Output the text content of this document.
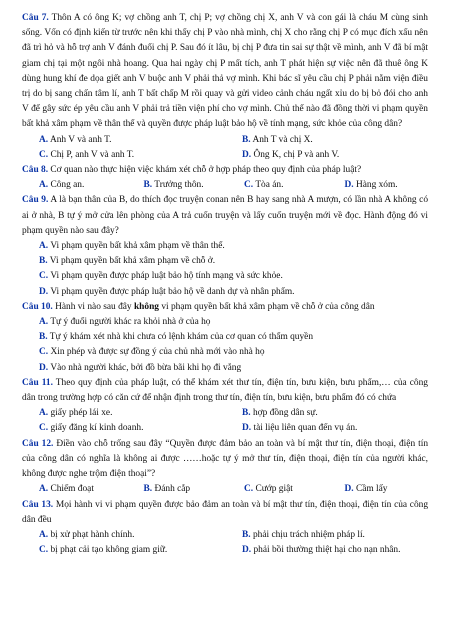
Câu 7. Thôn A có ông K; vợ chồng anh T, chị P; vợ chồng chị X, anh V và con gái là cháu M cùng sinh sống. Vốn có định kiến từ trước nên khi thấy chị P vào nhà mình, chị X cho rằng chị P có mục đích xấu nên đã trì hỏ và hỗ trợ anh V đánh đuổi chị P. Sau đó ít lâu, bị chị P đưa tin sai sự thật về mình, anh V đã bí mật giam chị tại một ngôi nhà hoang. Qua hai ngày chị P mất tích, anh T phát hiện sự việc nên đã thuê ông K dùng hung khí đe dọa giết anh V buộc anh V phải thả vợ mình. Khi bác sĩ yêu cầu chị P phải nằm viện điều trị do bị sang chấn tâm lí, anh T bất chấp M rồi quay và gửi video cảnh cháu ngất xỉu do bị bỏ đói cho anh V để gây sức ép yêu cầu anh V phải trả tiền viện phí cho vợ mình. Chủ thể nào đã đồng thời vi phạm quyền bất khả xâm phạm về thân thể và quyền được pháp luật bảo hộ về tính mạng, sức khỏe của công dân?
A. Anh V và anh T.	B. Anh T và chị X.
C. Chị P, anh V và anh T.	D. Ông K, chị P và anh V.
Câu 8. Cơ quan nào thực hiện việc khám xét chỗ ở hợp pháp theo quy định của pháp luật?
A. Công an.	B. Trưởng thôn.	C. Tòa án.	D. Hàng xóm.
Câu 9. A là bạn thân của B, do thích đọc truyện conan nên B hay sang nhà A mượn, có lần nhà A không có ai ở nhà, B tự ý mở cửa lên phòng của A trả cuốn truyện và lấy cuốn truyện mới về đọc. Hành động đó vi phạm quyền nào sau đây?
A. Vi phạm quyền bất khả xâm phạm về thân thể.
B. Vi phạm quyền bất khả xâm phạm về chỗ ở.
C. Vi phạm quyền được pháp luật bảo hộ tính mạng và sức khỏe.
D. Vi phạm quyền được pháp luật bảo hộ về danh dự và nhân phẩm.
Câu 10. Hành vi nào sau đây không vi phạm quyền bất khả xâm phạm về chỗ ở của công dân
A. Tự ý đuổi người khác ra khỏi nhà ở của họ
B. Tự ý khám xét nhà khi chưa có lệnh khám của cơ quan có thẩm quyền
C. Xin phép và được sự đồng ý của chủ nhà mới vào nhà họ
D. Vào nhà người khác, bởi đồ bừa bãi khi họ đi vắng
Câu 11. Theo quy định của pháp luật, có thể khám xét thư tín, điện tín, bưu kiện, bưu phẩm,… của công dân trong trường hợp có căn cứ để nhận định trong thư tín, điện tín, bưu kiện, bưu phẩm đó có chứa
A. giấy phép lái xe.	B. hợp đồng dân sự.
C. giấy đăng kí kinh doanh.	D. tài liệu liên quan đến vụ án.
Câu 12. Điền vào chỗ trống sau đây “Quyền được đảm bảo an toàn và bí mật thư tín, điện thoại, điện tín của công dân có nghĩa là không ai được ……hoặc tự ý mở thư tín, điện thoại, điện tín của người khác, không được nghe trộm điện thoại”?
A. Chiếm đoạt	B. Đánh cắp	C. Cướp giật	D. Cầm lấy
Câu 13. Mọi hành vi vi phạm quyền được bảo đảm an toàn và bí mật thư tín, điện thoại, điện tín của công dân đều
A. bị xử phạt hành chính.	B. phải chịu trách nhiệm pháp lí.
C. bị phạt cải tạo không giam giữ.	D. phải bồi thường thiệt hại cho nạn nhân.
